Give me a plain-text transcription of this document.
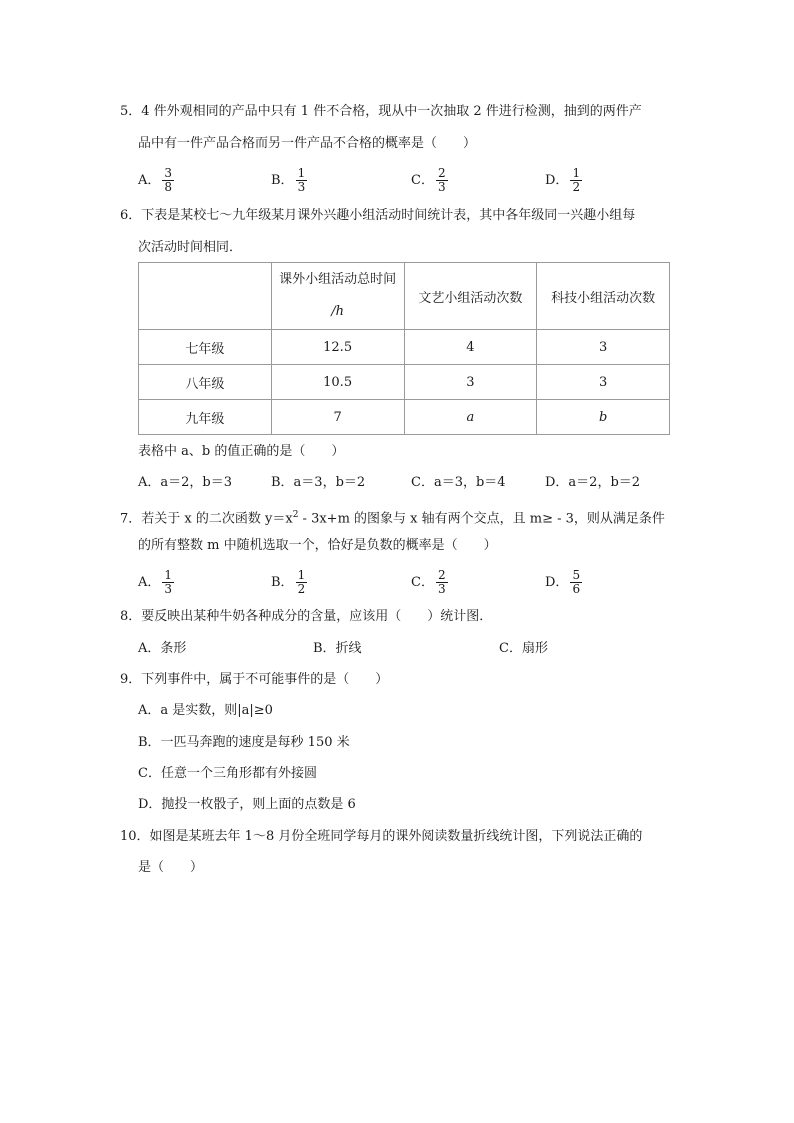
5．4 件外观相同的产品中只有 1 件不合格，现从中一次抽取 2 件进行检测，抽到的两件产
品中有一件产品合格而另一件产品不合格的概率是（　　）
A． $\frac{3}{8}$	B． $\frac{1}{3}$	C． $\frac{2}{3}$	D． $\frac{1}{2}$
6．下表是某校七～九年级某月课外兴趣小组活动时间统计表，其中各年级同一兴趣小组每
次活动时间相同．

	课外小组活动总时间
/h	文艺小组活动次数	科技小组活动次数
七年级	12.5	4	3
八年级	10.5	3	3
九年级	7	a	b
表格中 a、b 的值正确的是（　　）
A．a＝2，b＝3	B．a＝3，b＝2	C．a＝3，b＝4	D．a＝2，b＝2
7．若关于 x 的二次函数 $y=x^2 - 3x+m$ 的图象与 x 轴有两个交点，且 m≥ - 3，则从满足条件
的所有整数 m 中随机选取一个，恰好是负数的概率是（　　）
A． $\frac{1}{3}$	B． $\frac{1}{2}$	C． $\frac{2}{3}$	D． $\frac{5}{6}$
8．要反映出某种牛奶各种成分的含量，应该用（　　）统计图．
A．条形	B．折线	C．扇形
9．下列事件中，属于不可能事件的是（　　）
A．a 是实数，则|a|≥0
B．一匹马奔跑的速度是每秒 150 米
C．任意一个三角形都有外接圆
D．抛投一枚骰子，则上面的点数是 6
10．如图是某班去年 1～8 月份全班同学每月的课外阅读数量折线统计图，下列说法正确的
是（　　）
